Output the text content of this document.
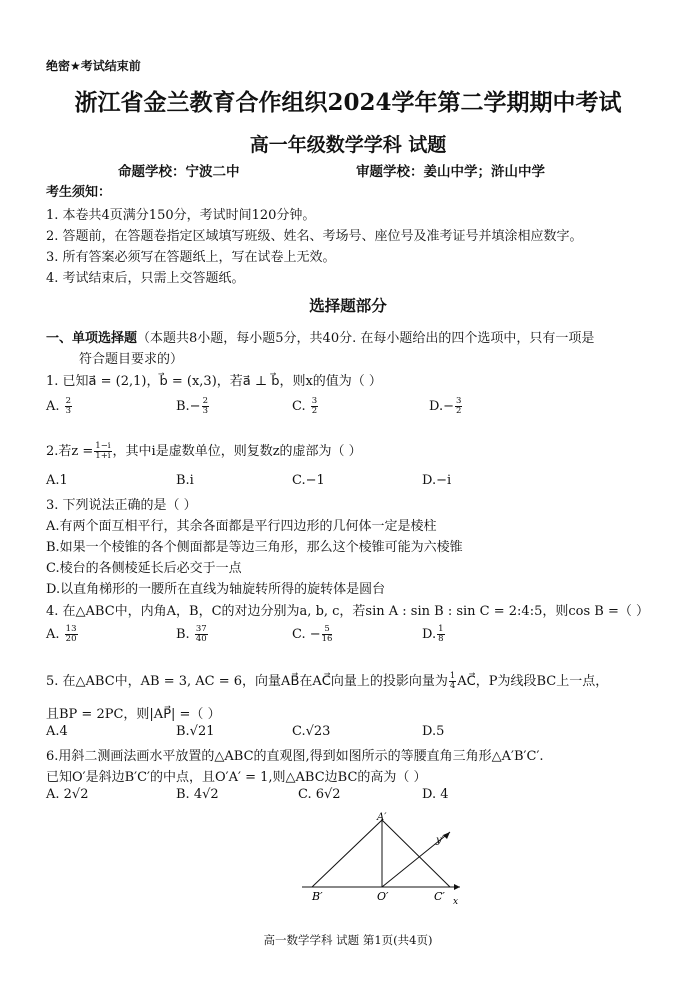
绝密★考试结束前
浙江省金兰教育合作组织2024学年第二学期期中考试
高一年级数学学科 试题
命题学校：宁波二中	审题学校：姜山中学；浒山中学
考生须知：
1. 本卷共4页满分150分，考试时间120分钟。
2. 答题前，在答题卷指定区域填写班级、姓名、考场号、座位号及准考证号并填涂相应数字。
3. 所有答案必须写在答题纸上，写在试卷上无效。
4. 考试结束后，只需上交答题纸。
选择题部分
一、单项选择题（本题共8小题，每小题5分，共40分. 在每小题给出的四个选项中，只有一项是
符合题目要求的）
1. 已知a⃗ = (2,1)，b⃗ = (x,3)，若a⃗ ⊥ b⃗，则x的值为（ ）
A. $\frac{2}{3}$	$B.- \frac{2}{3}$	C. $\frac{3}{2}$	$D.- \frac{3}{2}$
2.若$z = \frac{1-i}{1+i}$ ，其中i是虚数单位，则复数z的虚部为（ ）
A.1	B.i	C.−1	D.−i
3. 下列说法正确的是（ ）
A.有两个面互相平行，其余各面都是平行四边形的几何体一定是棱柱
B.如果一个棱锥的各个侧面都是等边三角形，那么这个棱锥可能为六棱锥
C.棱台的各侧棱延长后必交于一点
D.以直角梯形的一腰所在直线为轴旋转所得的旋转体是圆台
4. 在△ABC中，内角A，B，C的对边分别为a, b, c，若sin A : sin B : sin C = 2:4:5，则cos B =（ ）
A. $\frac{13}{20}$	B. $\frac{37}{40}$	C. − $\frac{5}{16}$	D. $\frac{1}{8}$
5. 在△ABC中，AB = 3, AC = 6，向量AB⃗在AC⃗向量上的投影向量为 $\frac{1}{4}$ AC⃗，P为线段BC上一点，
且BP = 2PC，则|AP⃗| =（ ）
A.4	B.√21	C.√23	D.5
6.用斜二测画法画水平放置的△ABC的直观图,得到如图所示的等腰直角三角形△A′B′C′.
已知O′是斜边B′C′的中点，且O′A′ = 1,则△ABC边BC的高为（ ）
A. 2√2	B. 4√2	C. 6√2	D. 4
A′
B′	O′	C′
y′
x
高一数学学科 试题 第1页(共4页)
